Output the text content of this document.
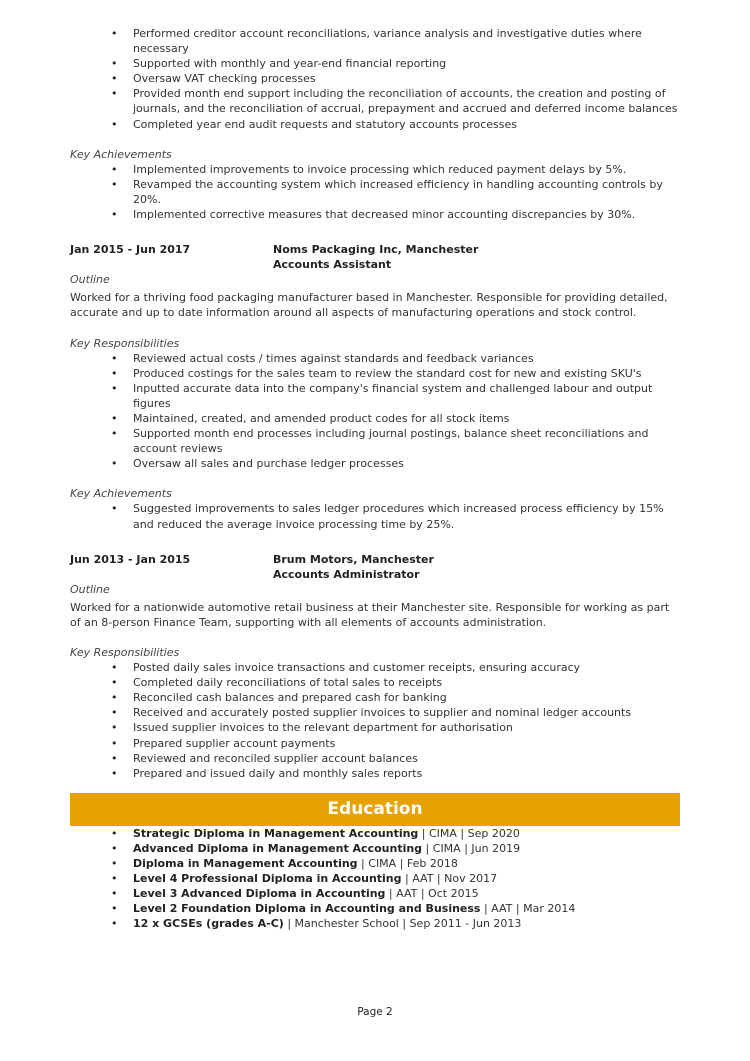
• Performed creditor account reconciliations, variance analysis and investigative duties where necessary
• Supported with monthly and year-end financial reporting
• Oversaw VAT checking processes
• Provided month end support including the reconciliation of accounts, the creation and posting of journals, and the reconciliation of accrual, prepayment and accrued and deferred income balances
• Completed year end audit requests and statutory accounts processes
Key Achievements
• Implemented improvements to invoice processing which reduced payment delays by 5%.
• Revamped the accounting system which increased efficiency in handling accounting controls by 20%.
• Implemented corrective measures that decreased minor accounting discrepancies by 30%.
Jan 2015 - Jun 2017	Noms Packaging Inc, Manchester
Accounts Assistant
Outline

Worked for a thriving food packaging manufacturer based in Manchester. Responsible for providing detailed, accurate and up to date information around all aspects of manufacturing operations and stock control.

Key Responsibilities
• Reviewed actual costs / times against standards and feedback variances
• Produced costings for the sales team to review the standard cost for new and existing SKU's
• Inputted accurate data into the company's financial system and challenged labour and output figures
• Maintained, created, and amended product codes for all stock items
• Supported month end processes including journal postings, balance sheet reconciliations and account reviews
• Oversaw all sales and purchase ledger processes
Key Achievements
• Suggested improvements to sales ledger procedures which increased process efficiency by 15% and reduced the average invoice processing time by 25%.
Jun 2013 - Jan 2015	Brum Motors, Manchester
Accounts Administrator
Outline

Worked for a nationwide automotive retail business at their Manchester site. Responsible for working as part of an 8-person Finance Team, supporting with all elements of accounts administration.

Key Responsibilities
• Posted daily sales invoice transactions and customer receipts, ensuring accuracy
• Completed daily reconciliations of total sales to receipts
• Reconciled cash balances and prepared cash for banking
• Received and accurately posted supplier invoices to supplier and nominal ledger accounts
• Issued supplier invoices to the relevant department for authorisation
• Prepared supplier account payments
• Reviewed and reconciled supplier account balances
• Prepared and issued daily and monthly sales reports
Education
• Strategic Diploma in Management Accounting | CIMA | Sep 2020
• Advanced Diploma in Management Accounting | CIMA | Jun 2019
• Diploma in Management Accounting | CIMA | Feb 2018
• Level 4 Professional Diploma in Accounting | AAT | Nov 2017
• Level 3 Advanced Diploma in Accounting | AAT | Oct 2015
• Level 2 Foundation Diploma in Accounting and Business | AAT | Mar 2014
• 12 x GCSEs (grades A-C) | Manchester School | Sep 2011 - Jun 2013
Page 2
